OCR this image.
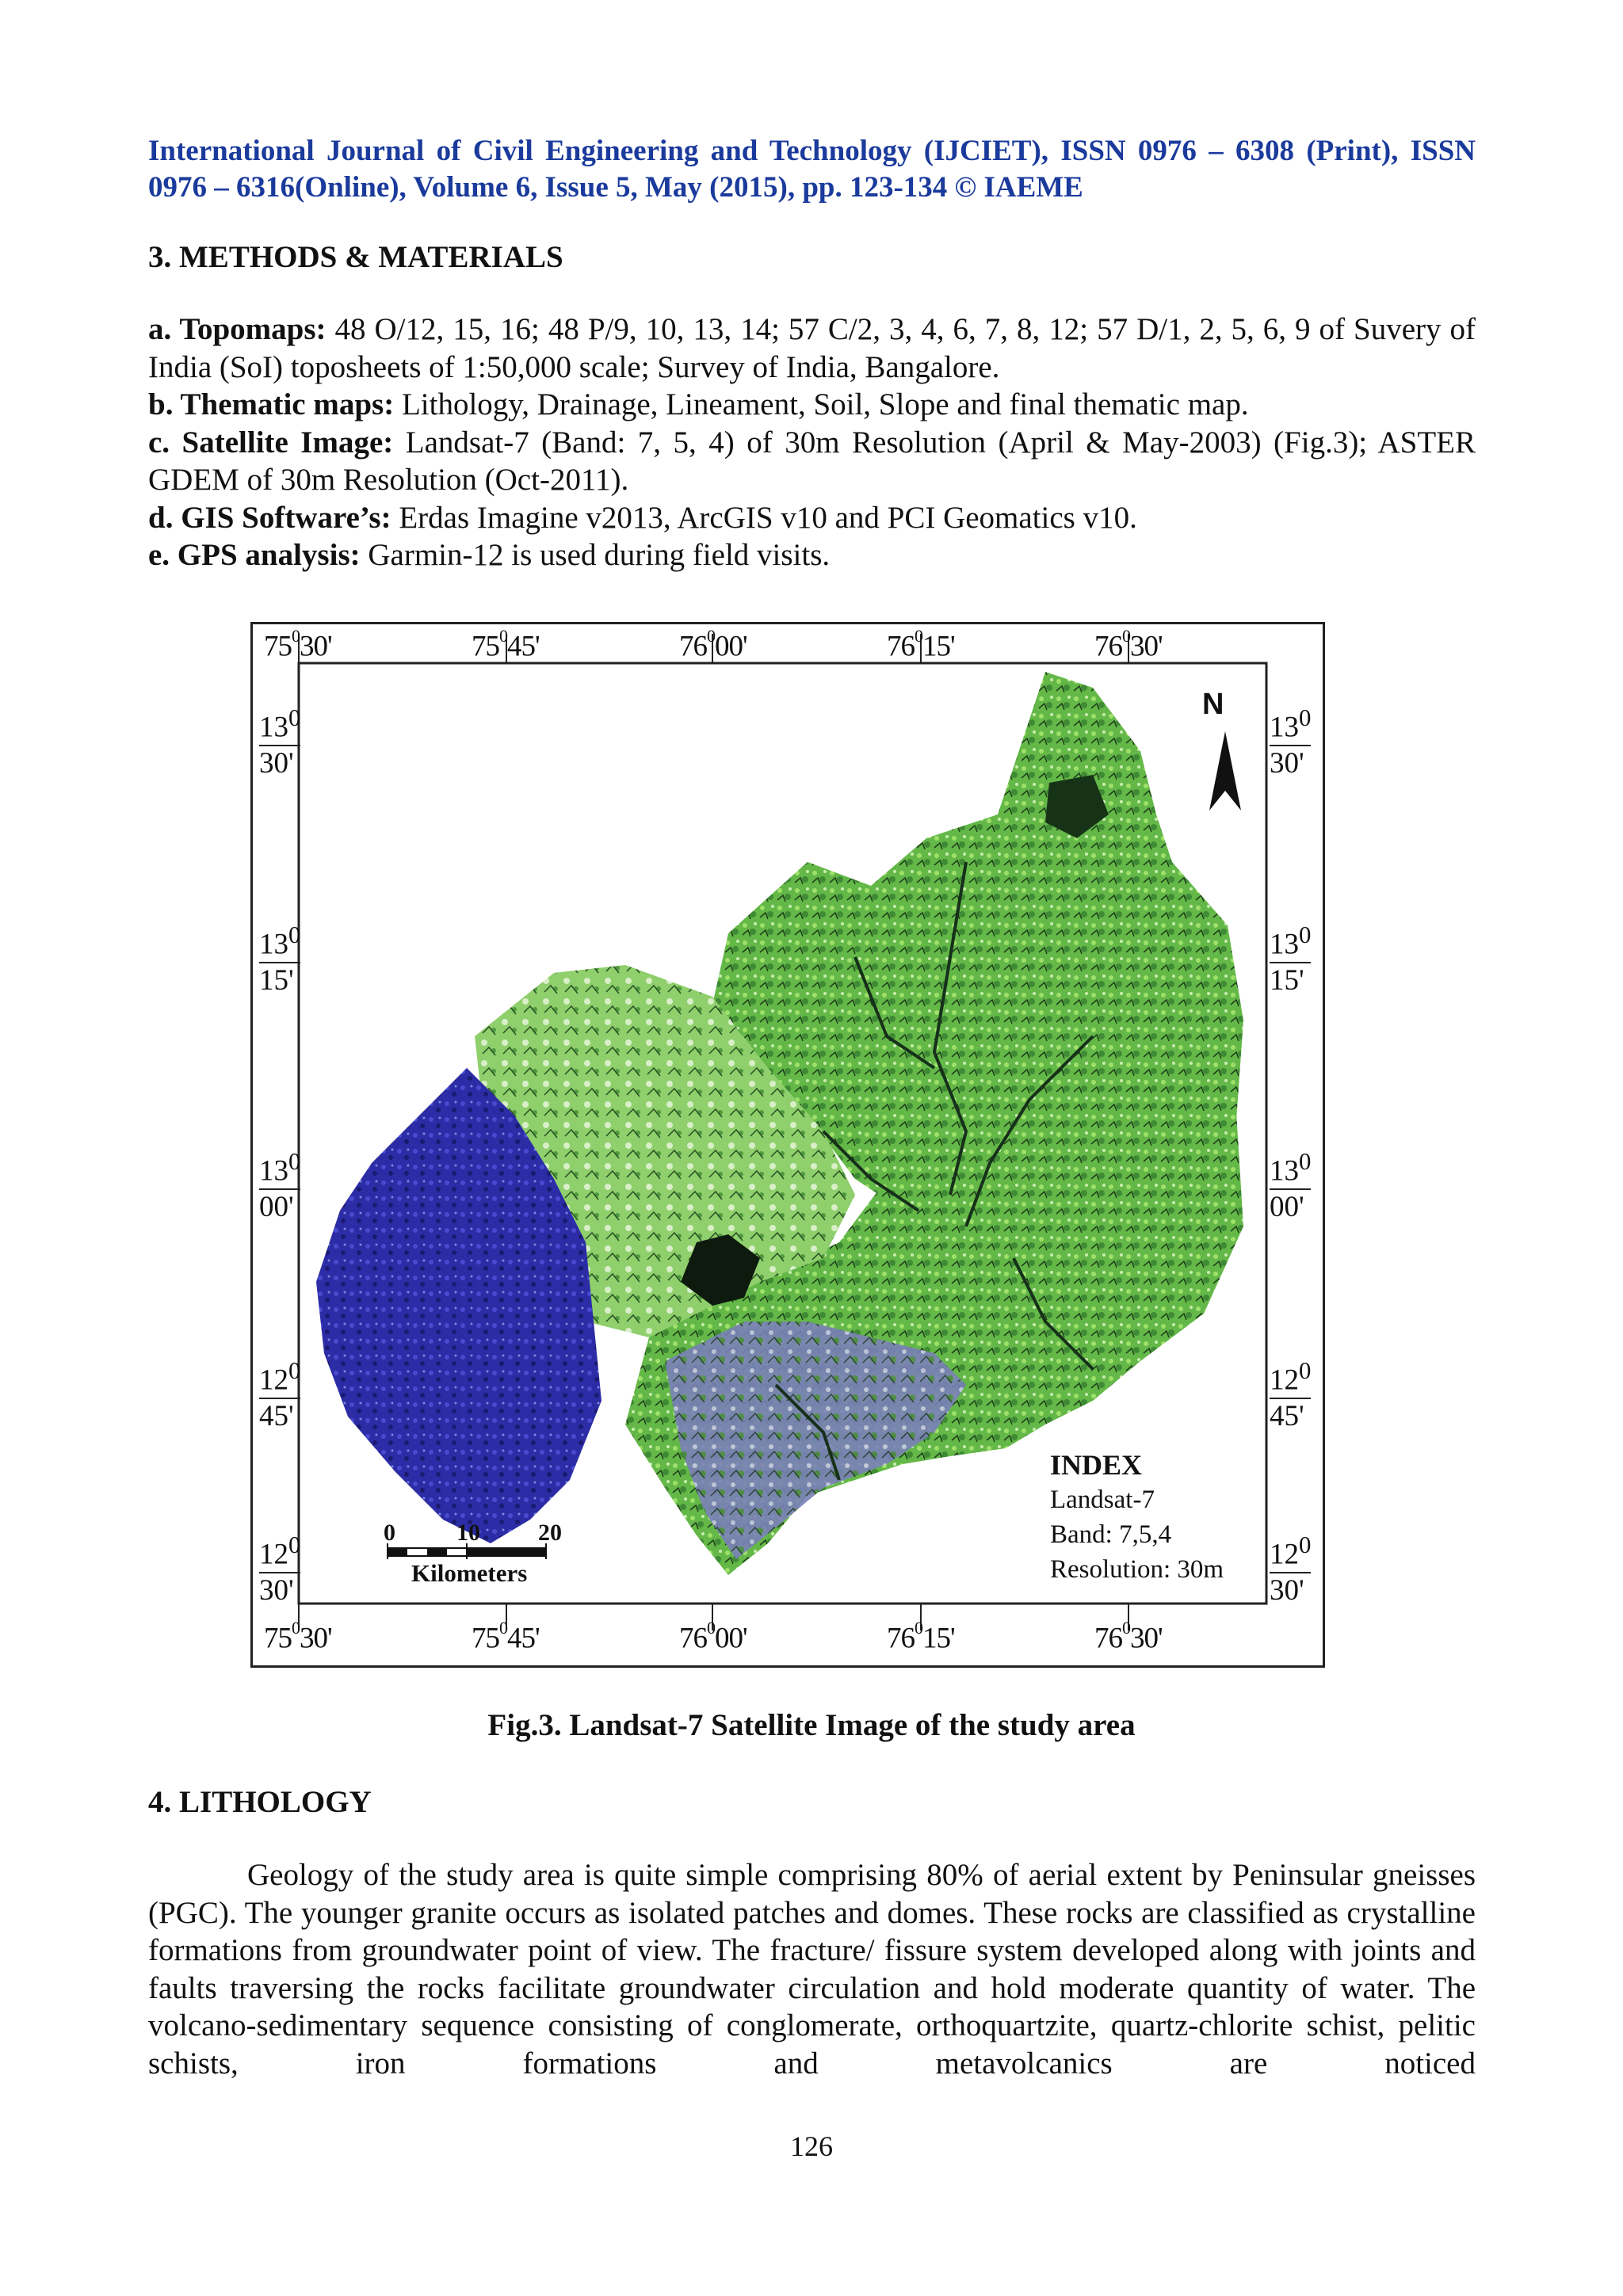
International Journal of Civil Engineering and Technology (IJCIET), ISSN 0976 – 6308 (Print), ISSN 0976 – 6316(Online), Volume 6, Issue 5, May (2015), pp. 123-134 © IAEME
3. METHODS & MATERIALS

a. Topomaps: 48 O/12, 15, 16; 48 P/9, 10, 13, 14; 57 C/2, 3, 4, 6, 7, 8, 12; 57 D/1, 2, 5, 6, 9 of Suvery of India (SoI) toposheets of 1:50,000 scale; Survey of India, Bangalore.

b. Thematic maps: Lithology, Drainage, Lineament, Soil, Slope and final thematic map.

c. Satellite Image: Landsat-7 (Band: 7, 5, 4) of 30m Resolution (April & May-2003) (Fig.3); ASTER GDEM of 30m Resolution (Oct-2011).

d. GIS Software’s: Erdas Imagine v2013, ArcGIS v10 and PCI Geomatics v10.

e. GPS analysis: Garmin-12 is used during field visits.

$75^030'$	$75^045'$	$76^000'$	$76^015'$	$76^030'$
$75^030'$	$75^045'$	$76^000'$	$76^015'$	$76^030'$
$13^0$
30'
$13^0$
15'
$13^0$
00'
$12^0$
45'
$12^0$
30'
$13^0$
30'
$13^0$
15'
$13^0$
00'
$12^0$
45'
$12^0$
30'
N
INDEX
Landsat-7
Band: 7,5,4
Resolution: 30m
0	10 20
Kilometers
Fig.3. Landsat-7 Satellite Image of the study area
4. LITHOLOGY
Geology of the study area is quite simple comprising 80% of aerial extent by Peninsular gneisses (PGC). The younger granite occurs as isolated patches and domes. These rocks are classified as crystalline formations from groundwater point of view. The fracture/ fissure system developed along with joints and faults traversing the rocks facilitate groundwater circulation and hold moderate quantity of water. The volcano-sedimentary sequence consisting of conglomerate, orthoquartzite, quartz-chlorite schist, pelitic schists, iron formations and metavolcanics are noticed
126
